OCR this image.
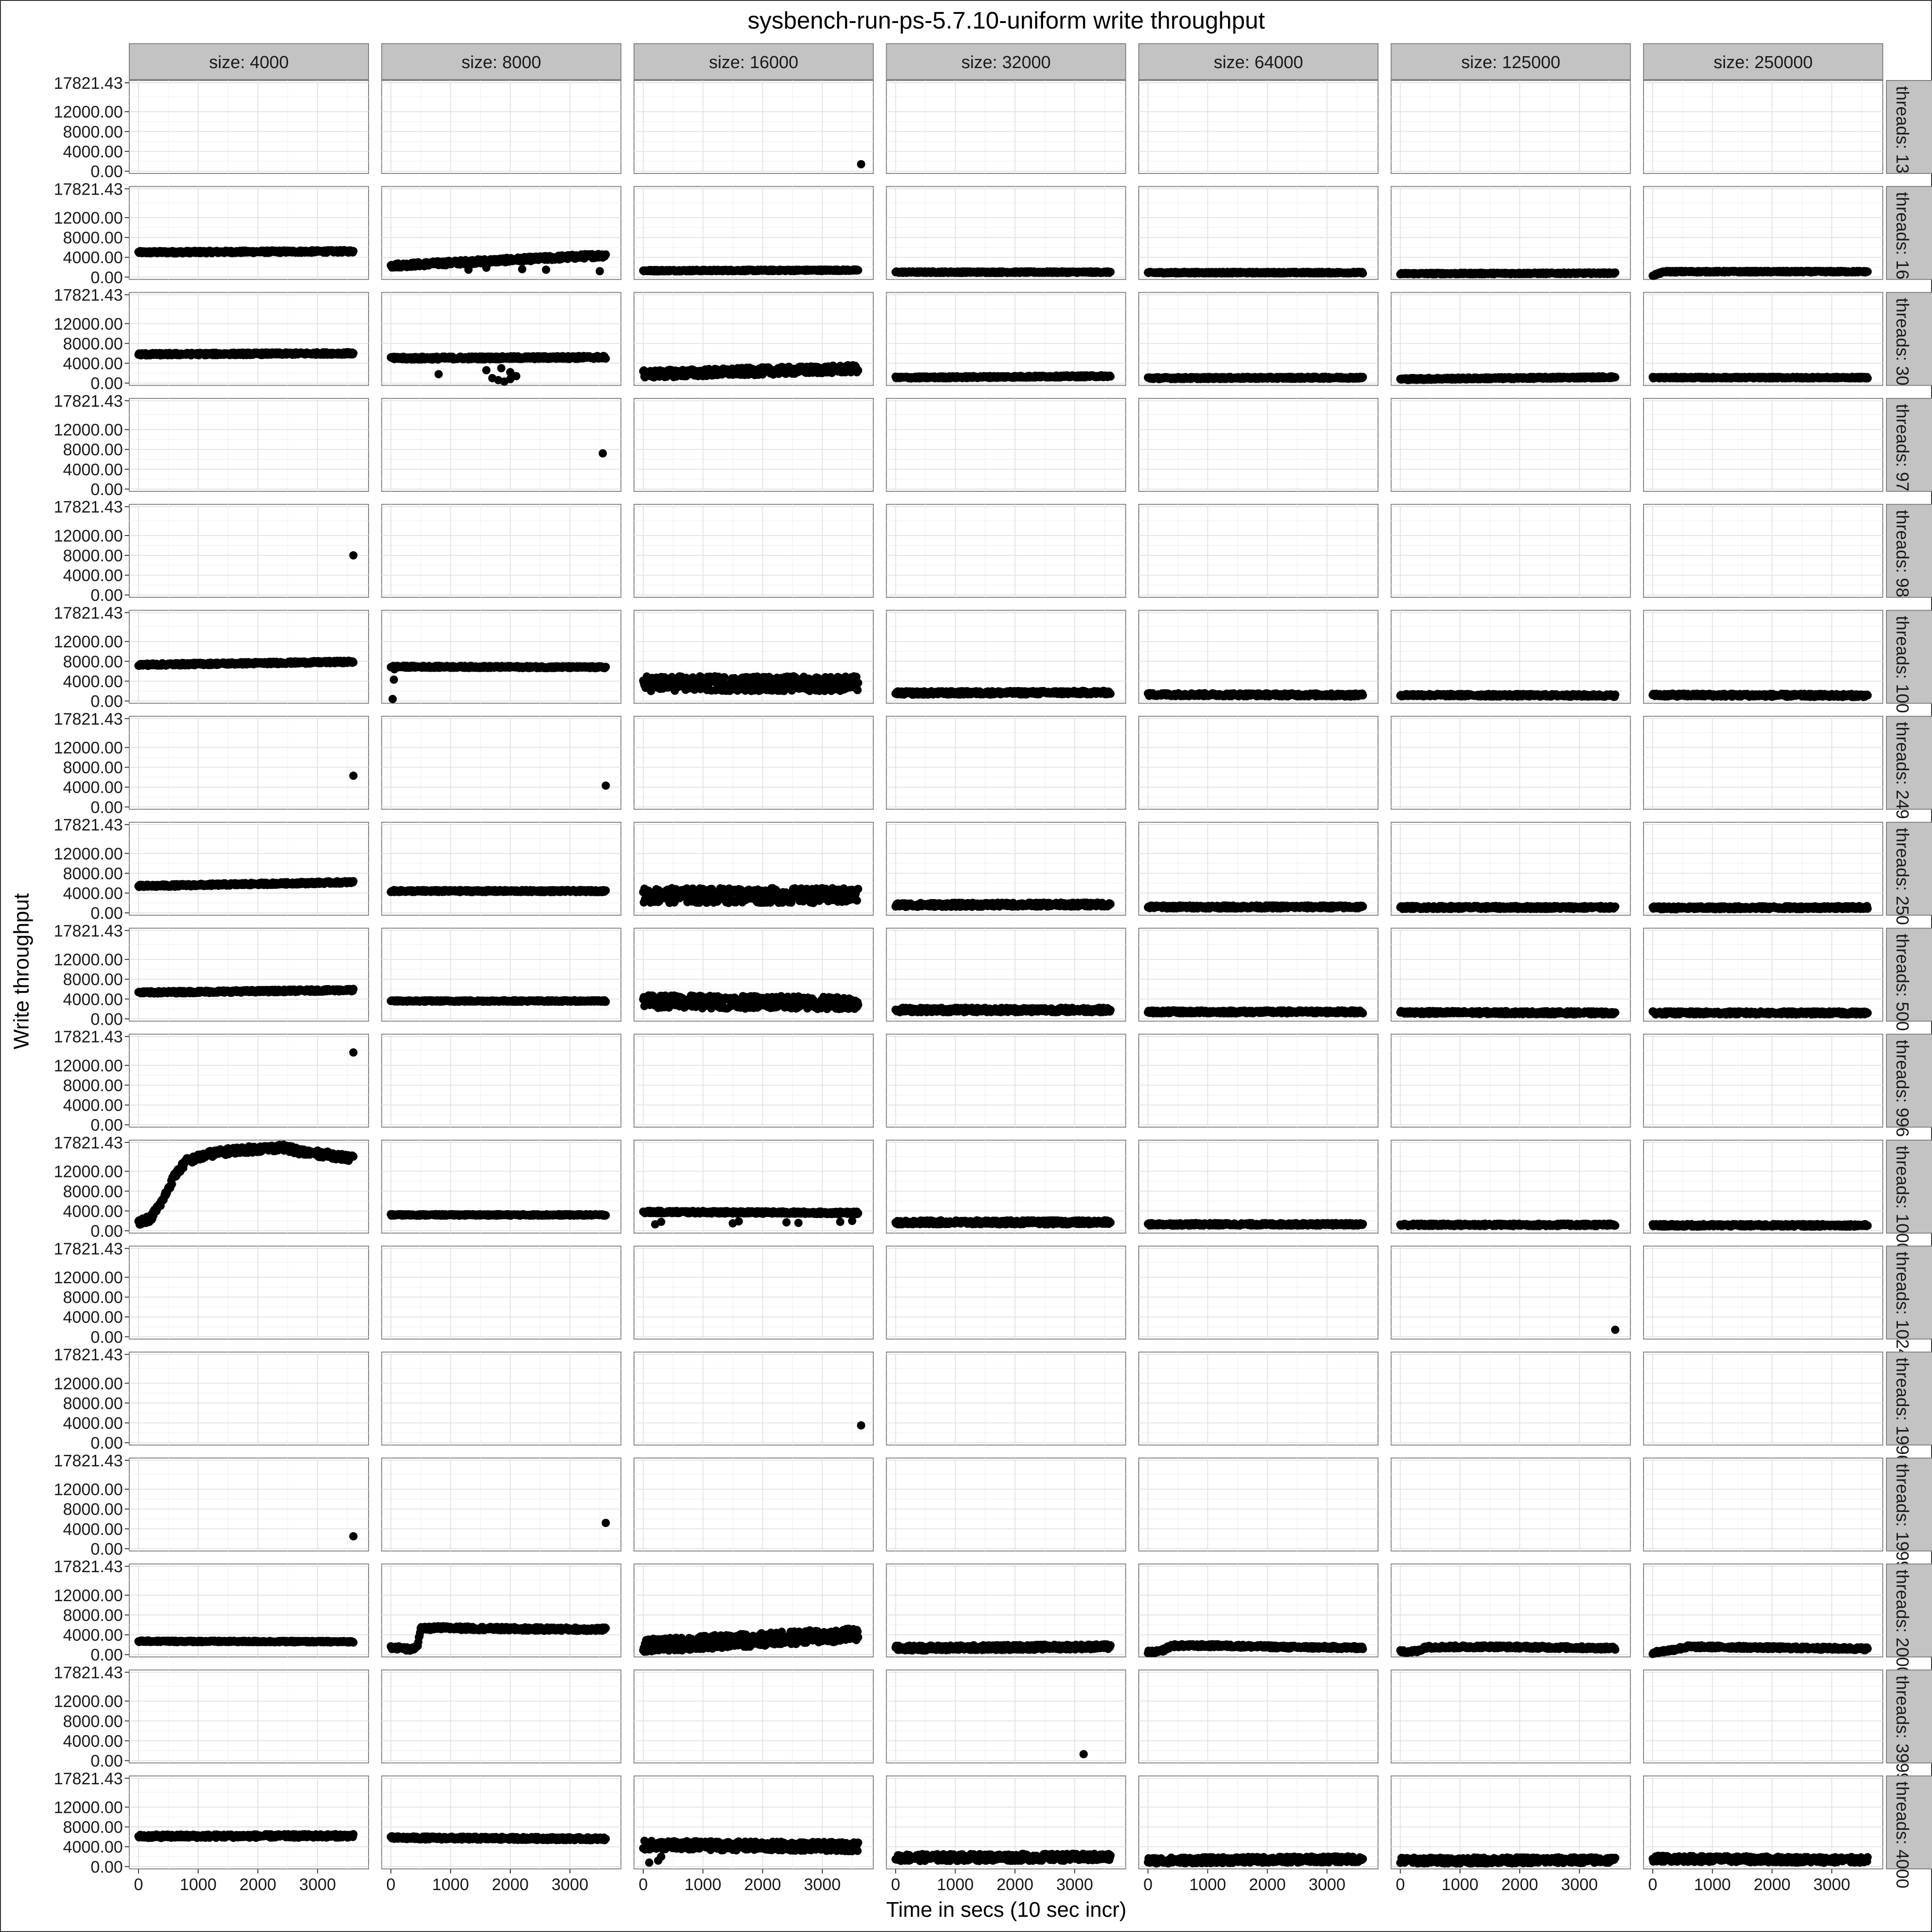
sysbench-run-ps-5.7.10-uniform write throughput
Time in secs (10 sec incr)
Write throughput
size: 4000	size: 8000	size: 16000	size: 32000	size: 64000	size: 125000	size: 250000
threads: 13
threads: 16
threads: 30
threads: 97
threads: 98
threads: 100
threads: 249
threads: 250
threads: 500
threads: 996
threads: 1000
threads: 1024
threads: 1996
threads: 1999
threads: 2000
threads: 3999
threads: 4000
0.00
4000.00
8000.00
12000.00
17821.43
0.00
4000.00
8000.00
12000.00
17821.43
0.00
4000.00
8000.00
12000.00
17821.43
0.00
4000.00
8000.00
12000.00
17821.43
0.00
4000.00
8000.00
12000.00
17821.43
0.00
4000.00
8000.00
12000.00
17821.43
0.00
4000.00
8000.00
12000.00
17821.43
0.00
4000.00
8000.00
12000.00
17821.43
0.00
4000.00
8000.00
12000.00
17821.43
0.00
4000.00
8000.00
12000.00
17821.43
0.00
4000.00
8000.00
12000.00
17821.43
0.00
4000.00
8000.00
12000.00
17821.43
0.00
4000.00
8000.00
12000.00
17821.43
0.00
4000.00
8000.00
12000.00
17821.43
0.00
4000.00
8000.00
12000.00
17821.43
0.00
4000.00
8000.00
12000.00
17821.43
0.00
4000.00
8000.00
12000.00
17821.43
0 1000 2000 3000	0 1000 2000 3000	0 1000 2000 3000	0 1000 2000 3000	0 1000 2000 3000	0 1000 2000 3000	0 1000 2000 3000
